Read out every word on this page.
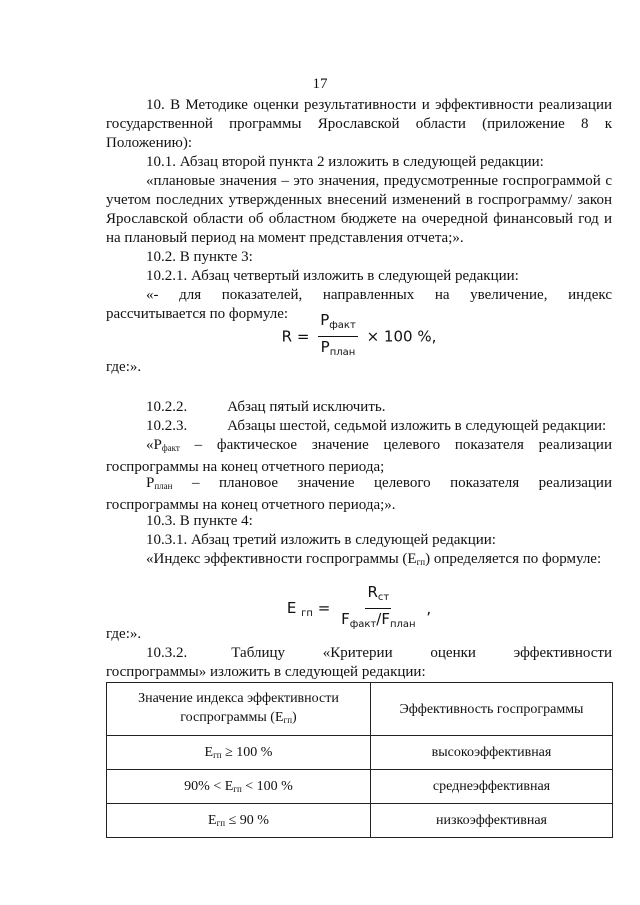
17
10. В Методике оценки результативности и эффективности реализации государственной программы Ярославской области (приложение 8 к Положению):
10.1. Абзац второй пункта 2 изложить в следующей редакции:
«плановые значения – это значения, предусмотренные госпрограммой с учетом последних утвержденных внесений изменений в госпрограмму/ закон Ярославской области об областном бюджете на очередной финансовый год и на плановый период на момент представления отчета;».
10.2. В пункте 3:
10.2.1. Абзац четвертый изложить в следующей редакции:
«- для показателей, направленных на увеличение, индекс рассчитывается по формуле:
$R = \frac{P_{факт}}{P_{план}} \times 100$ %,
где:».
10.2.2.	Абзац пятый исключить.
10.2.3.	Абзацы шестой, седьмой изложить в следующей редакции:
«Рфакт – фактическое значение целевого показателя реализации госпрограммы на конец отчетного периода;
Рплан – плановое значение целевого показателя реализации госпрограммы на конец отчетного периода;».
10.3. В пункте 4:
10.3.1. Абзац третий изложить в следующей редакции:
«Индекс эффективности госпрограммы (Егп) определяется по формуле:
E $_{гп} = \frac{R_{ст}}{F_{факт}/F_{план}}$ ,
где:».
10.3.2.	Таблицу «Критерии оценки эффективности госпрограммы» изложить в следующей редакции:
Значение индекса эффективности госпрограммы (Егп)	Эффективность госпрограммы
Егп ≥ 100 %	высокоэффективная
90% < Егп < 100 %	среднеэффективная
Егп ≤ 90 %	низкоэффективная
